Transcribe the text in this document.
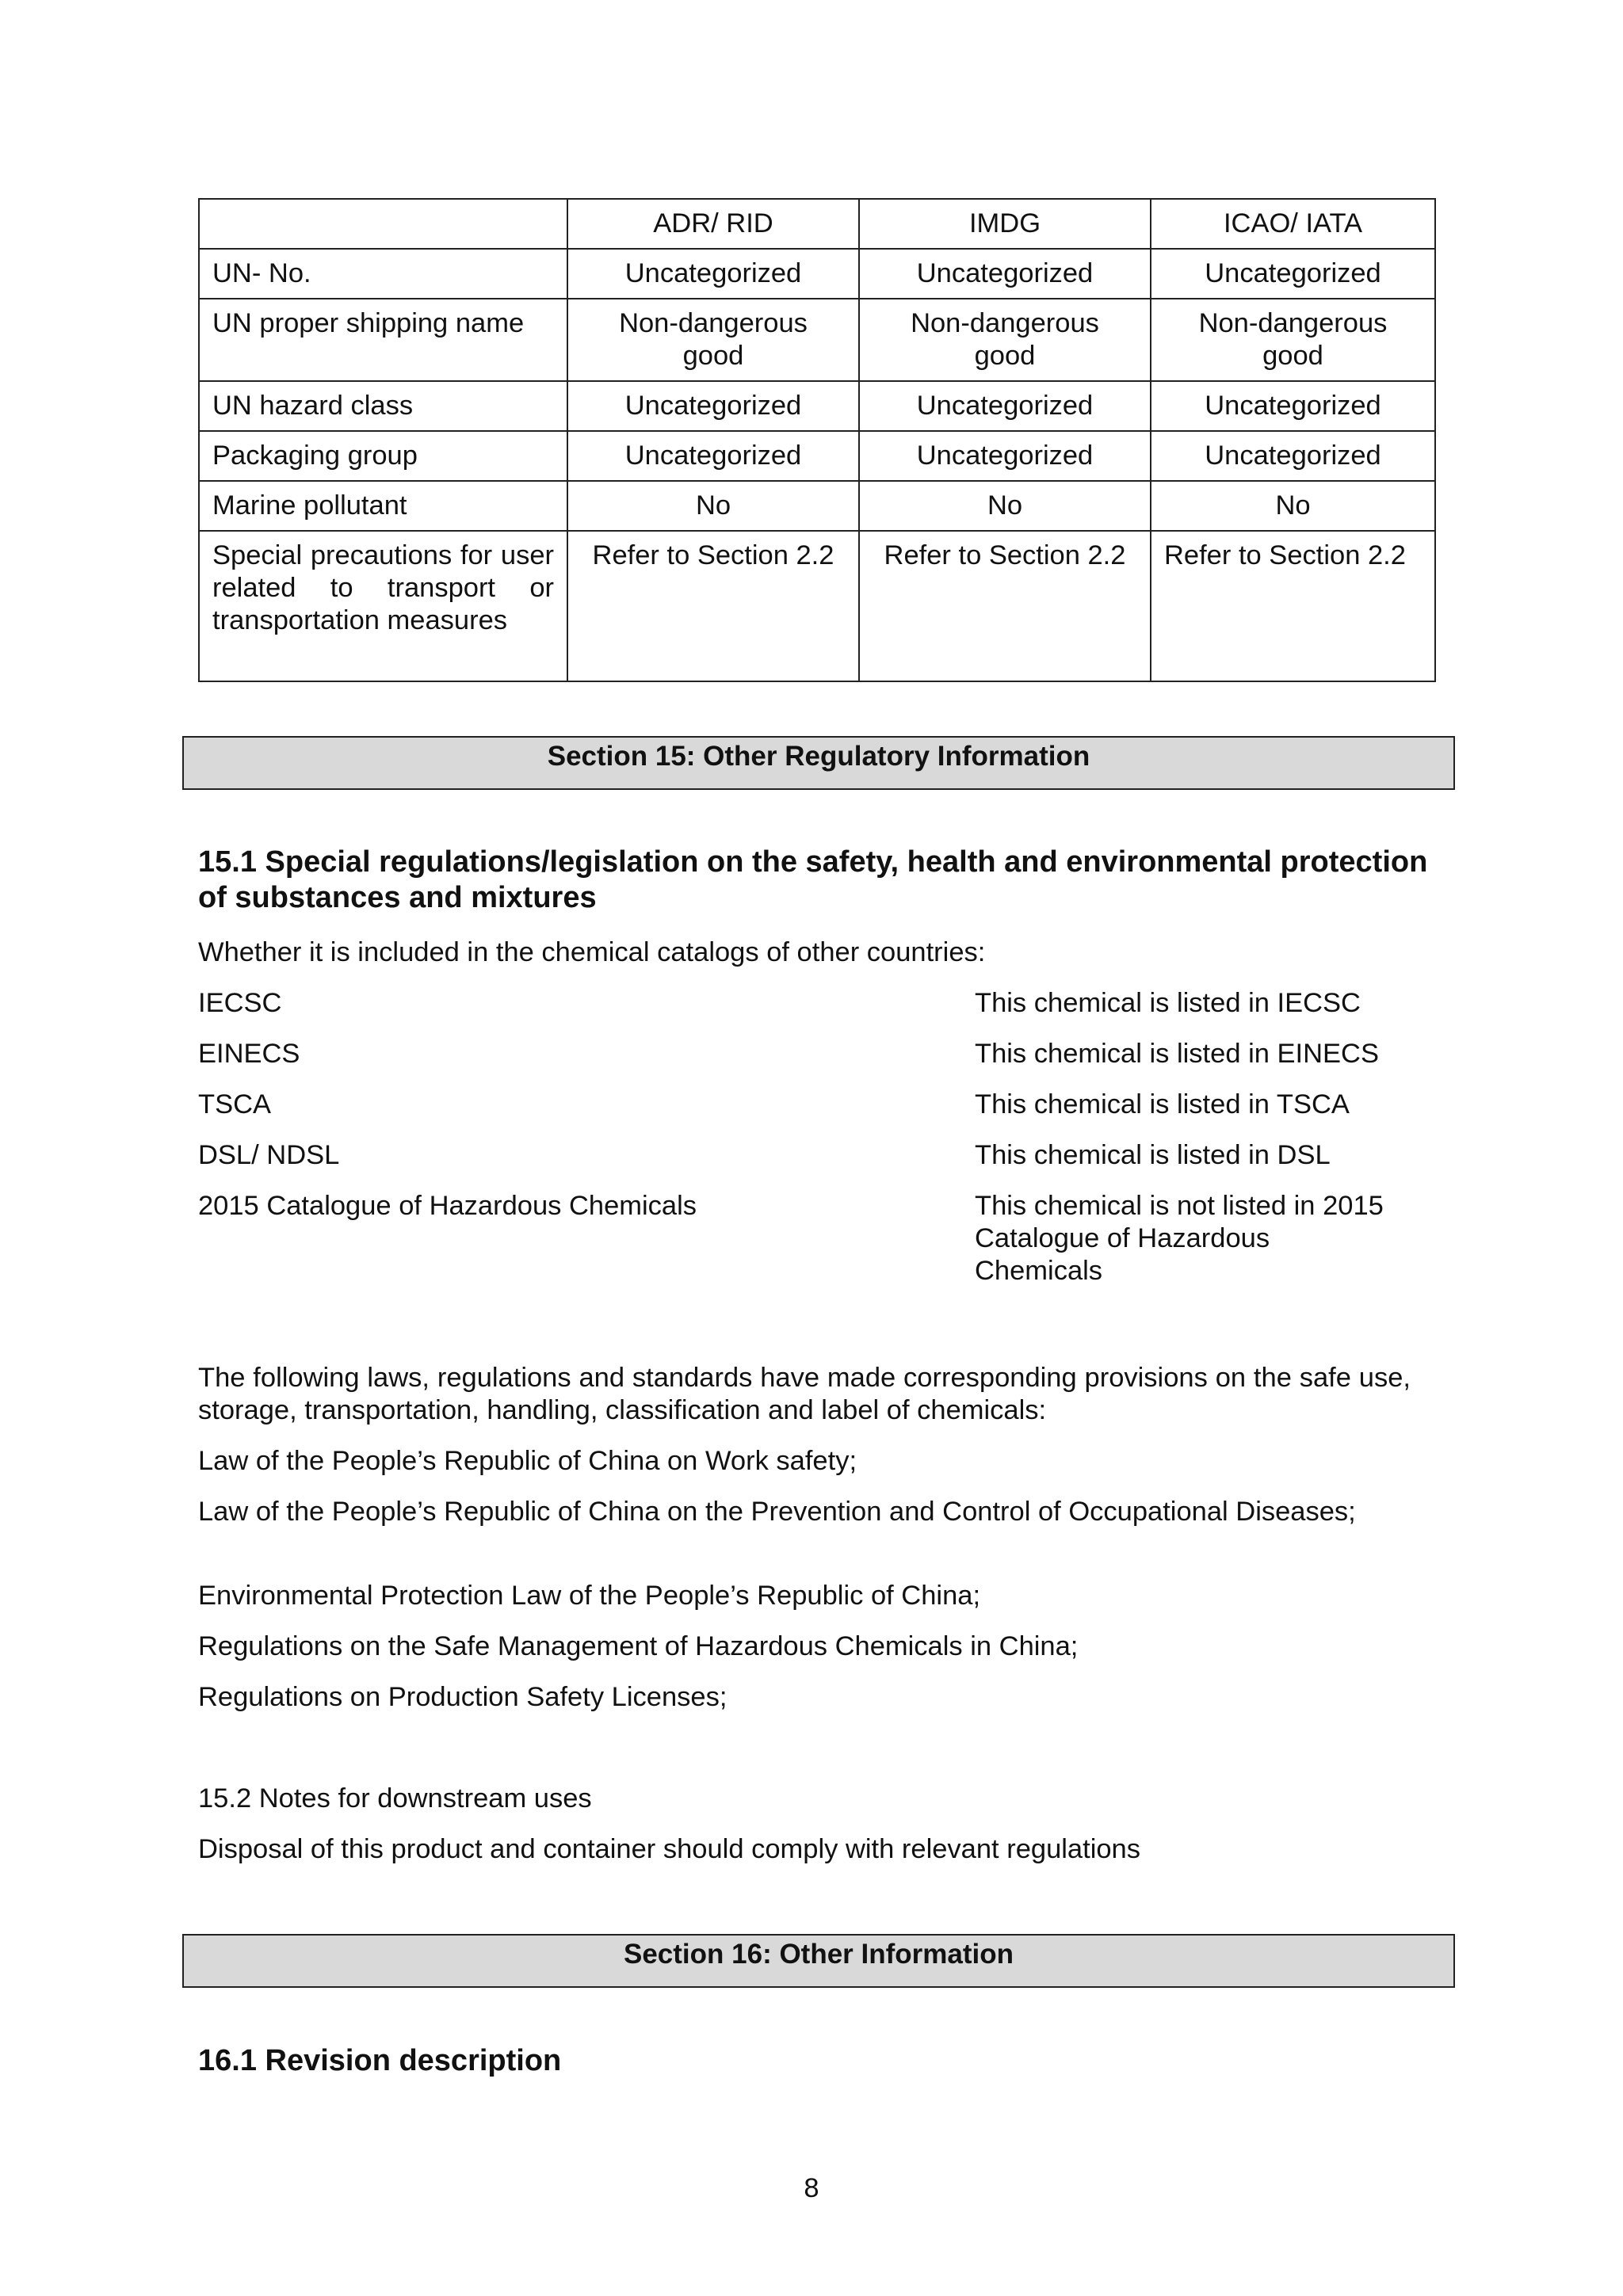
	ADR/ RID	IMDG	ICAO/ IATA
UN- No.	Uncategorized	Uncategorized	Uncategorized
UN proper shipping name	Non-dangerous good	Non-dangerous good	Non-dangerous good
UN hazard class	Uncategorized	Uncategorized	Uncategorized
Packaging group	Uncategorized	Uncategorized	Uncategorized
Marine pollutant	No	No	No
Special precautions for user related to transport or transportation measures	Refer to Section 2.2	Refer to Section 2.2	Refer to Section 2.2
Section 15: Other Regulatory Information
15.1 Special regulations/legislation on the safety, health and environmental protection of substances and mixtures

Whether it is included in the chemical catalogs of other countries:

IECSC	This chemical is listed in IECSC
EINECS	This chemical is listed in EINECS
TSCA	This chemical is listed in TSCA
DSL/ NDSL	This chemical is listed in DSL
2015 Catalogue of Hazardous Chemicals	This chemical is not listed in 2015 Catalogue of Hazardous Chemicals

The following laws, regulations and standards have made corresponding provisions on the safe use, storage, transportation, handling, classification and label of chemicals:

Law of the People’s Republic of China on Work safety;

Law of the People’s Republic of China on the Prevention and Control of Occupational Diseases;

Environmental Protection Law of the People’s Republic of China;

Regulations on the Safe Management of Hazardous Chemicals in China;

Regulations on Production Safety Licenses;

15.2 Notes for downstream uses

Disposal of this product and container should comply with relevant regulations

Section 16: Other Information
16.1 Revision description
8
